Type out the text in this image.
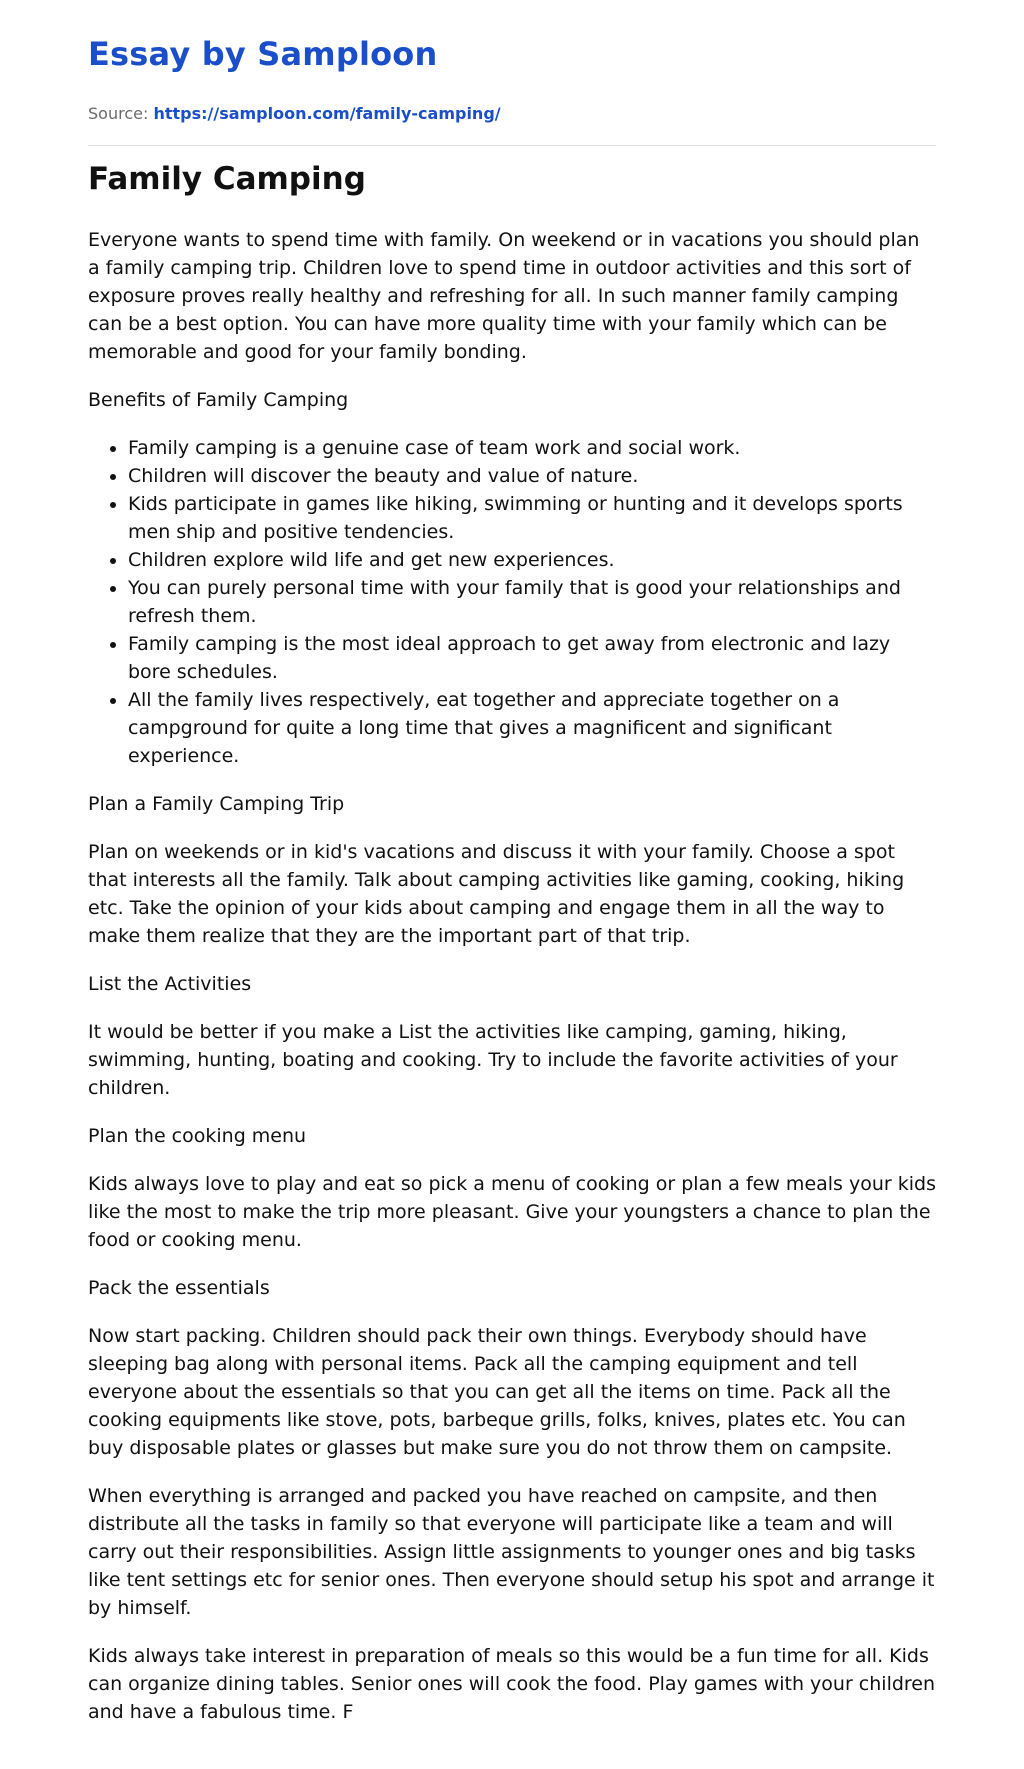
Essay by Samploon
Source: https://samploon.com/family-camping/
Family Camping

Everyone wants to spend time with family. On weekend or in vacations you should plan a family camping trip. Children love to spend time in outdoor activities and this sort of exposure proves really healthy and refreshing for all. In such manner family camping can be a best option. You can have more quality time with your family which can be memorable and good for your family bonding.

Benefits of Family Camping

• Family camping is a genuine case of team work and social work.
• Children will discover the beauty and value of nature.
• Kids participate in games like hiking, swimming or hunting and it develops sports men ship and positive tendencies.
• Children explore wild life and get new experiences.
• You can purely personal time with your family that is good your relationships and refresh them.
• Family camping is the most ideal approach to get away from electronic and lazy bore schedules.
• All the family lives respectively, eat together and appreciate together on a campground for quite a long time that gives a magnificent and significant experience.

Plan a Family Camping Trip

Plan on weekends or in kid's vacations and discuss it with your family. Choose a spot that interests all the family. Talk about camping activities like gaming, cooking, hiking etc. Take the opinion of your kids about camping and engage them in all the way to make them realize that they are the important part of that trip.

List the Activities

It would be better if you make a List the activities like camping, gaming, hiking, swimming, hunting, boating and cooking. Try to include the favorite activities of your children.

Plan the cooking menu

Kids always love to play and eat so pick a menu of cooking or plan a few meals your kids like the most to make the trip more pleasant. Give your youngsters a chance to plan the food or cooking menu.

Pack the essentials

Now start packing. Children should pack their own things. Everybody should have sleeping bag along with personal items. Pack all the camping equipment and tell everyone about the essentials so that you can get all the items on time. Pack all the cooking equipments like stove, pots, barbeque grills, folks, knives, plates etc. You can buy disposable plates or glasses but make sure you do not throw them on campsite.

When everything is arranged and packed you have reached on campsite, and then distribute all the tasks in family so that everyone will participate like a team and will carry out their responsibilities. Assign little assignments to younger ones and big tasks like tent settings etc for senior ones. Then everyone should setup his spot and arrange it by himself.

Kids always take interest in preparation of meals so this would be a fun time for all. Kids can organize dining tables. Senior ones will cook the food. Play games with your children and have a fabulous time. F
